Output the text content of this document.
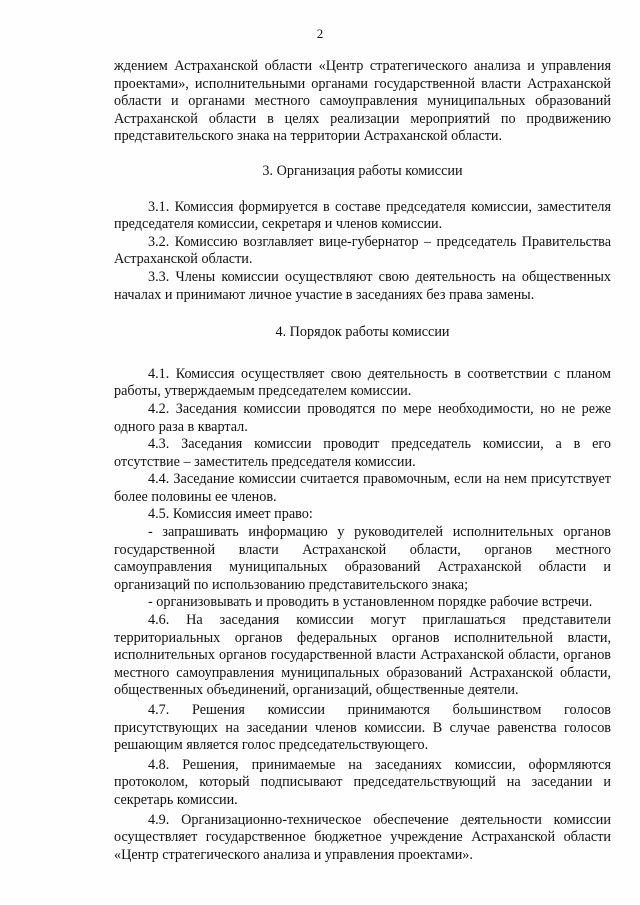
2

ждением Астраханской области «Центр стратегического анализа и управления проектами», исполнительными органами государственной власти Астраханской области и органами местного самоуправления муниципальных образований Астраханской области в целях реализации мероприятий по продвижению представительского знака на территории Астраханской области.

3. Организация работы комиссии

3.1. Комиссия формируется в составе председателя комиссии, заместителя председателя комиссии, секретаря и членов комиссии.

3.2. Комиссию возглавляет вице-губернатор – председатель Правительства Астраханской области.

3.3. Члены комиссии осуществляют свою деятельность на общественных началах и принимают личное участие в заседаниях без права замены.

4. Порядок работы комиссии

4.1. Комиссия осуществляет свою деятельность в соответствии с планом работы, утверждаемым председателем комиссии.

4.2. Заседания комиссии проводятся по мере необходимости, но не реже одного раза в квартал.

4.3. Заседания комиссии проводит председатель комиссии, а в его отсутствие – заместитель председателя комиссии.

4.4. Заседание комиссии считается правомочным, если на нем присутствует более половины ее членов.

4.5. Комиссия имеет право:

- запрашивать информацию у руководителей исполнительных органов государственной власти Астраханской области, органов местного самоуправления муниципальных образований Астраханской области и организаций по использованию представительского знака;

- организовывать и проводить в установленном порядке рабочие встречи.

4.6. На заседания комиссии могут приглашаться представители территориальных органов федеральных органов исполнительной власти, исполнительных органов государственной власти Астраханской области, органов местного самоуправления муниципальных образований Астраханской области, общественных объединений, организаций, общественные деятели.

4.7. Решения комиссии принимаются большинством голосов присутствующих на заседании членов комиссии. В случае равенства голосов решающим является голос председательствующего.

4.8. Решения, принимаемые на заседаниях комиссии, оформляются протоколом, который подписывают председательствующий на заседании и секретарь комиссии.

4.9. Организационно-техническое обеспечение деятельности комиссии осуществляет государственное бюджетное учреждение Астраханской области «Центр стратегического анализа и управления проектами».
